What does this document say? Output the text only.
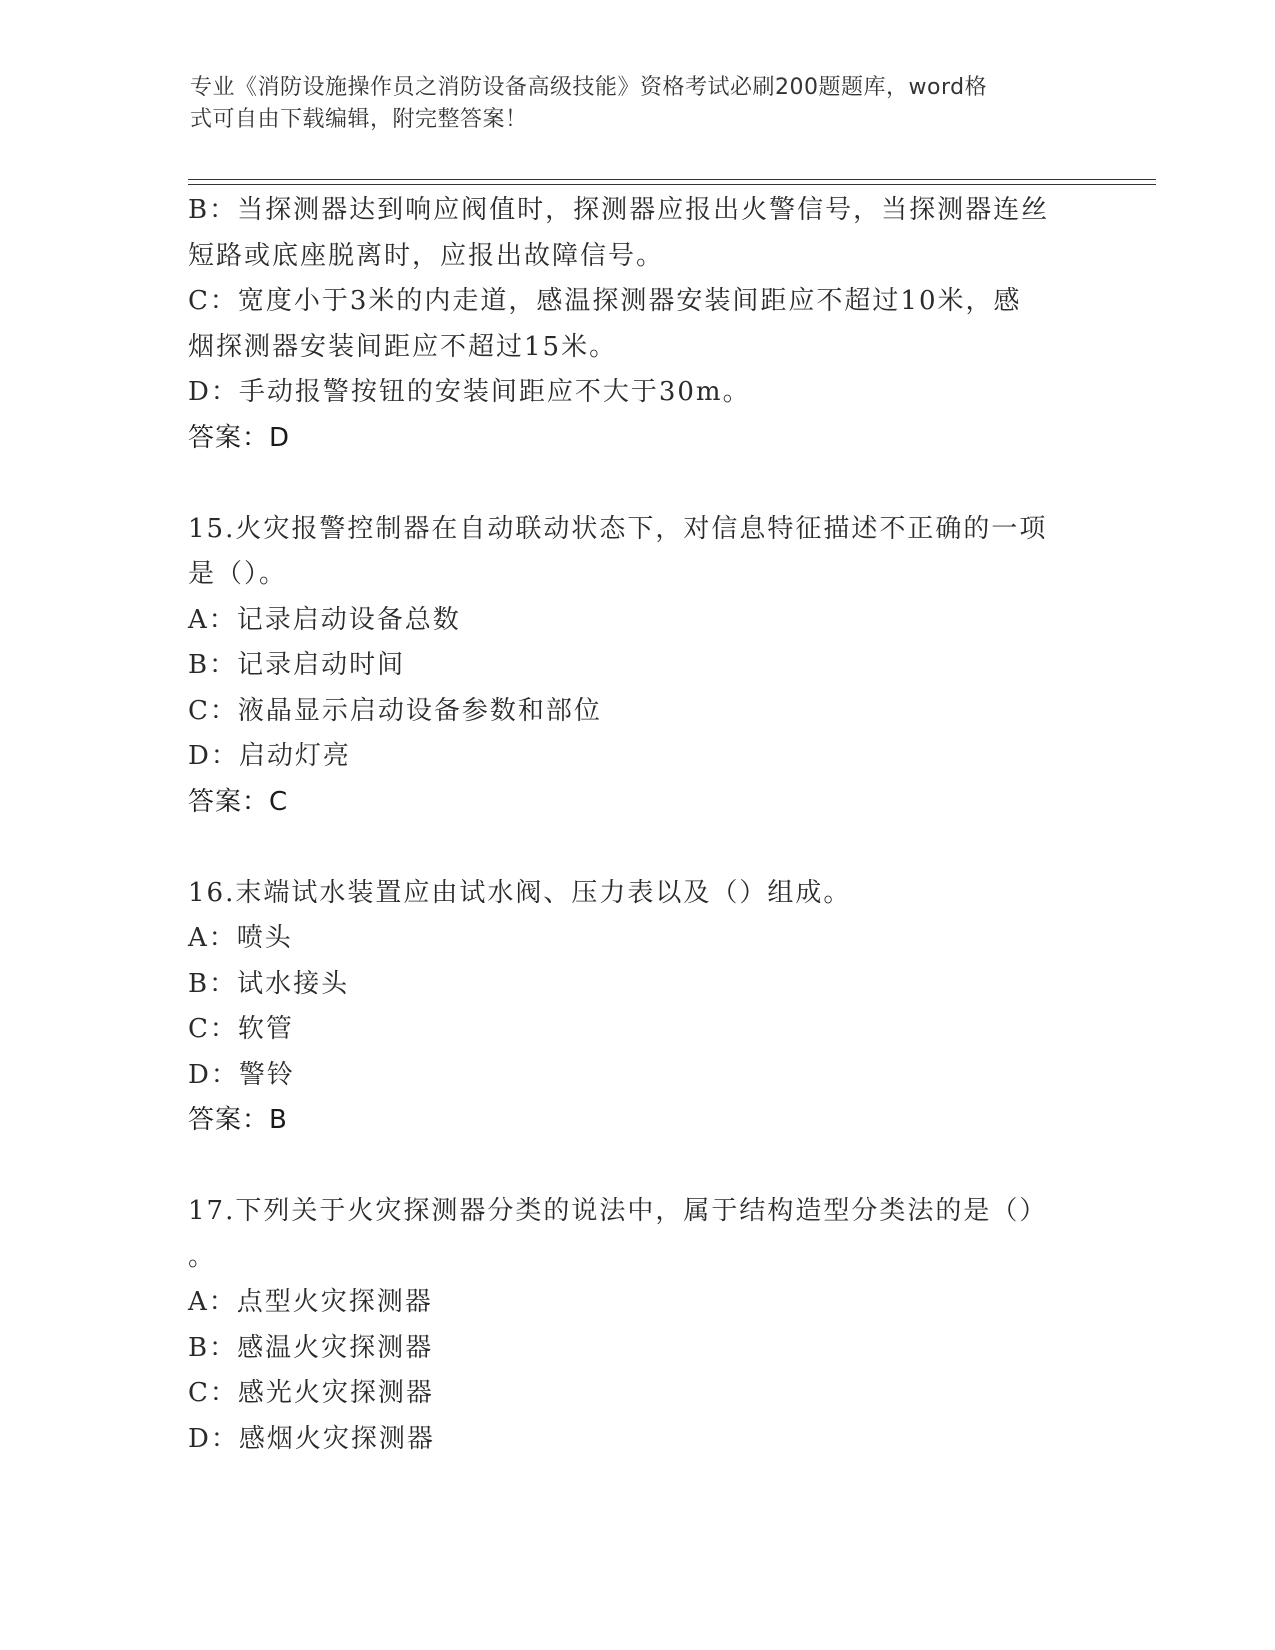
专业《消防设施操作员之消防设备高级技能》资格考试必刷200题题库，word格
式可自由下载编辑，附完整答案！
B：当探测器达到响应阀值时，探测器应报出火警信号，当探测器连丝
短路或底座脱离时，应报出故障信号。
C：宽度小于3米的内走道，感温探测器安装间距应不超过10米，感
烟探测器安装间距应不超过15米。
D：手动报警按钮的安装间距应不大于30m。
答案：D
15.火灾报警控制器在自动联动状态下，对信息特征描述不正确的一项
是（）。
A：记录启动设备总数
B：记录启动时间
C：液晶显示启动设备参数和部位
D：启动灯亮
答案：C
16.末端试水装置应由试水阀、压力表以及（）组成。
A：喷头
B：试水接头
C：软管
D：警铃
答案：B
17.下列关于火灾探测器分类的说法中，属于结构造型分类法的是（）
。
A：点型火灾探测器
B：感温火灾探测器
C：感光火灾探测器
D：感烟火灾探测器
